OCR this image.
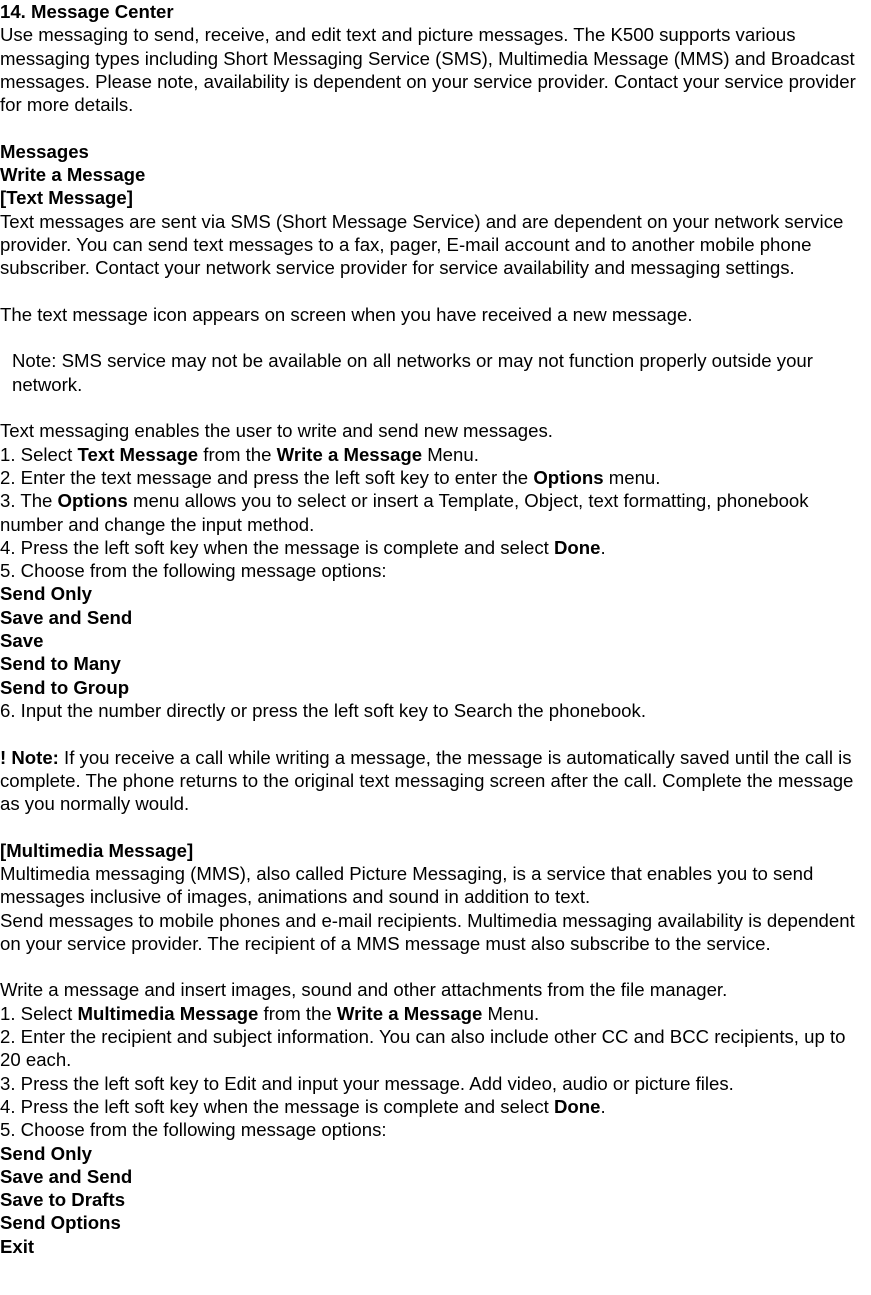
14. Message Center

Use messaging to send, receive, and edit text and picture messages. The K500 supports various messaging types including Short Messaging Service (SMS), Multimedia Message (MMS) and Broadcast messages. Please note, availability is dependent on your service provider. Contact your service provider for more details.

Messages

Write a Message

[Text Message]

Text messages are sent via SMS (Short Message Service) and are dependent on your network service provider. You can send text messages to a fax, pager, E-mail account and to another mobile phone subscriber. Contact your network service provider for service availability and messaging settings.

The text message icon appears on screen when you have received a new message.

Note: SMS service may not be available on all networks or may not function properly outside your network.

Text messaging enables the user to write and send new messages.

1. Select Text Message from the Write a Message Menu.

2. Enter the text message and press the left soft key to enter the Options menu.

3. The Options menu allows you to select or insert a Template, Object, text formatting, phonebook number and change the input method.

4. Press the left soft key when the message is complete and select Done.

5. Choose from the following message options:

Send Only

Save and Send

Save

Send to Many

Send to Group

6. Input the number directly or press the left soft key to Search the phonebook.

! Note: If you receive a call while writing a message, the message is automatically saved until the call is complete. The phone returns to the original text messaging screen after the call. Complete the message as you normally would.

[Multimedia Message]

Multimedia messaging (MMS), also called Picture Messaging, is a service that enables you to send messages inclusive of images, animations and sound in addition to text.

Send messages to mobile phones and e-mail recipients. Multimedia messaging availability is dependent on your service provider. The recipient of a MMS message must also subscribe to the service.

Write a message and insert images, sound and other attachments from the file manager.

1. Select Multimedia Message from the Write a Message Menu.

2. Enter the recipient and subject information. You can also include other CC and BCC recipients, up to 20 each.

3. Press the left soft key to Edit and input your message. Add video, audio or picture files.

4. Press the left soft key when the message is complete and select Done.

5. Choose from the following message options:

Send Only

Save and Send

Save to Drafts

Send Options

Exit
